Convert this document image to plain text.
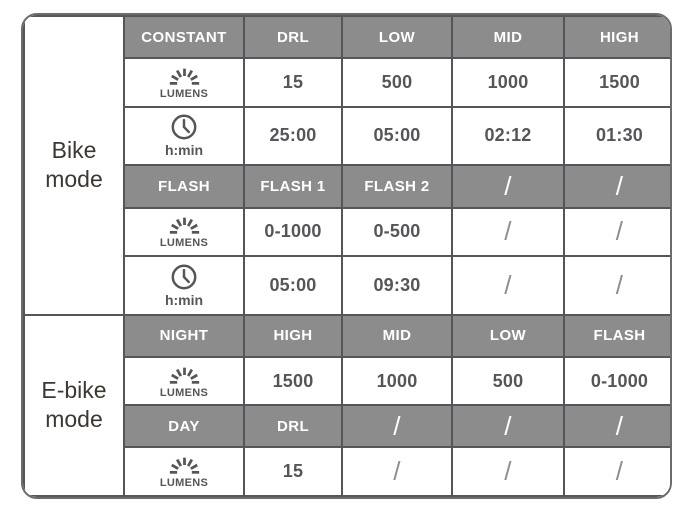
Bike mode	CONSTANT	DRL	LOW	MID	HIGH

	LUMENS	15	500	1000	1500

	h:min	25:00	05:00	02:12	01:30
	FLASH	FLASH 1	FLASH 2	/	/

	LUMENS	0-1000	0-500	/	/

	h:min	05:00	09:30	/	/
E-bike mode	NIGHT	HIGH	MID	LOW	FLASH

	LUMENS	1500	1000	500	0-1000
	DAY	DRL	/	/	/

	LUMENS	15	/	/	/
